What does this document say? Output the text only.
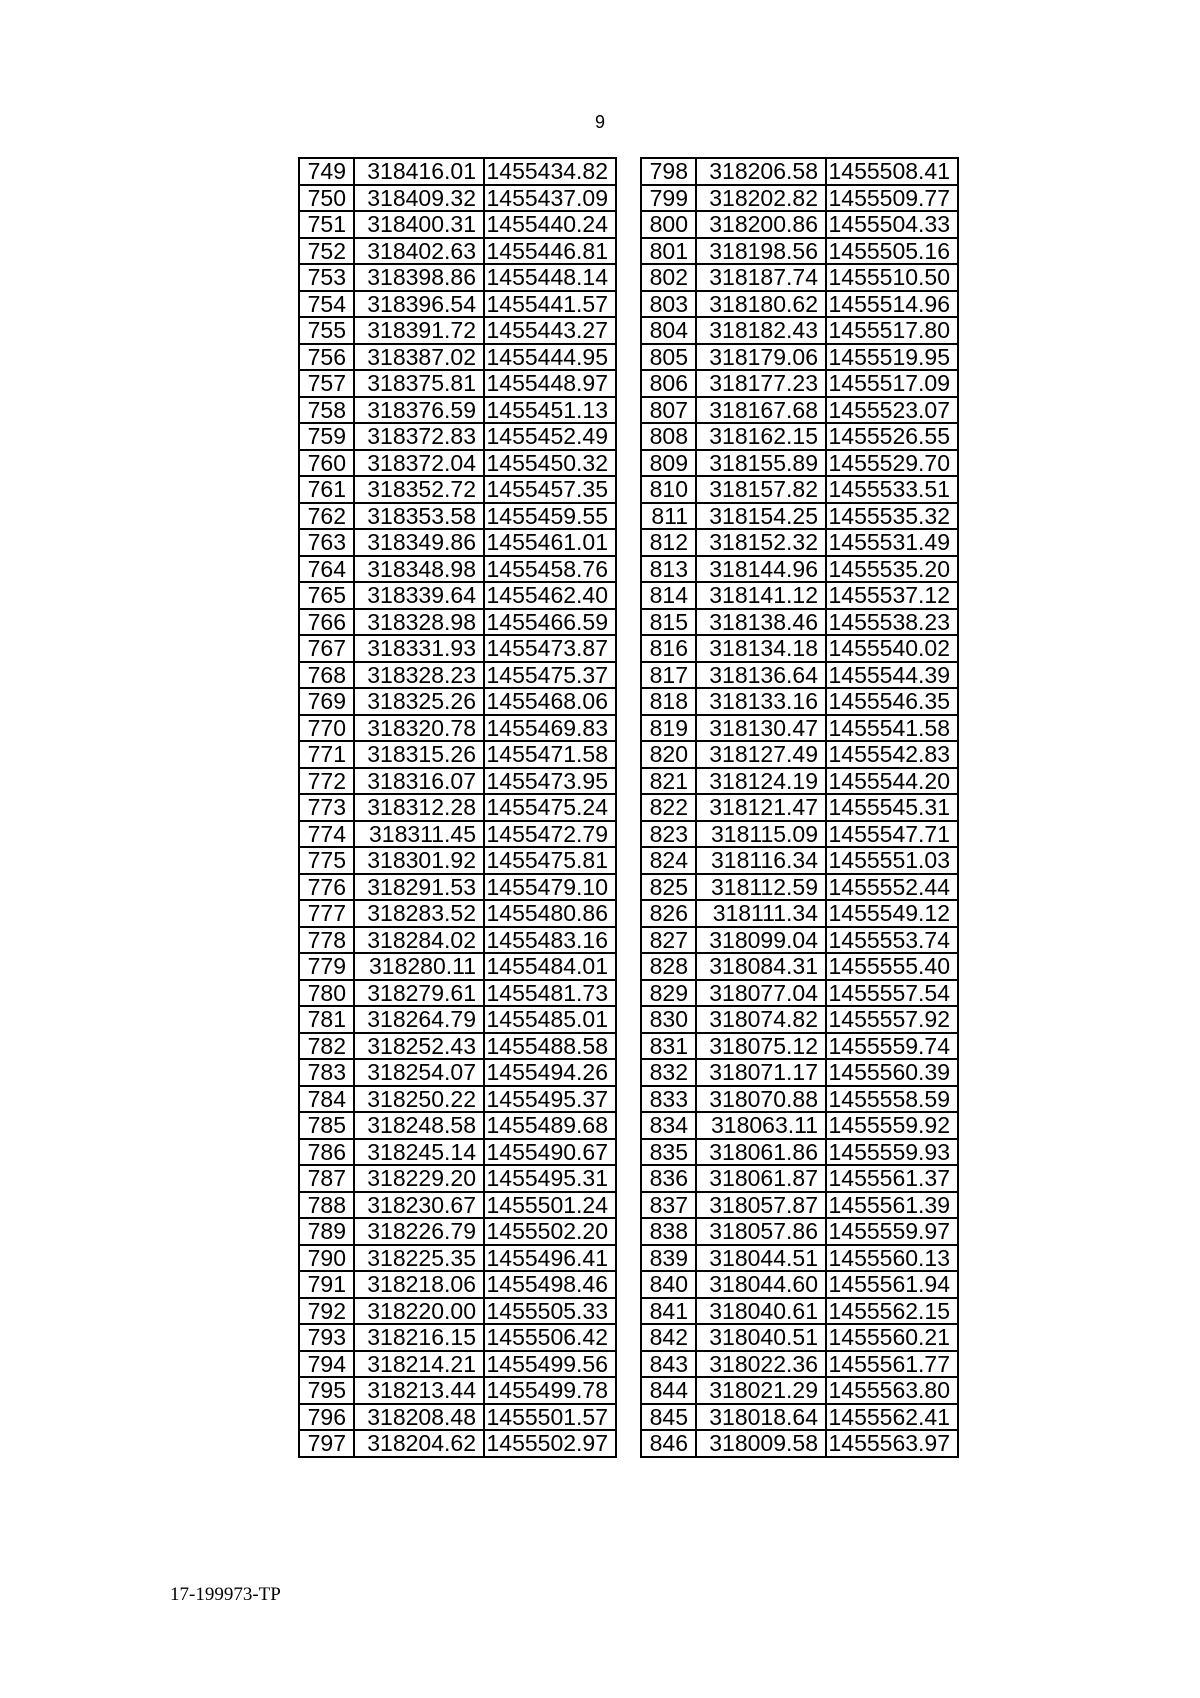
9
749	318416.01	1455434.82
750	318409.32	1455437.09
751	318400.31	1455440.24
752	318402.63	1455446.81
753	318398.86	1455448.14
754	318396.54	1455441.57
755	318391.72	1455443.27
756	318387.02	1455444.95
757	318375.81	1455448.97
758	318376.59	1455451.13
759	318372.83	1455452.49
760	318372.04	1455450.32
761	318352.72	1455457.35
762	318353.58	1455459.55
763	318349.86	1455461.01
764	318348.98	1455458.76
765	318339.64	1455462.40
766	318328.98	1455466.59
767	318331.93	1455473.87
768	318328.23	1455475.37
769	318325.26	1455468.06
770	318320.78	1455469.83
771	318315.26	1455471.58
772	318316.07	1455473.95
773	318312.28	1455475.24
774	318311.45	1455472.79
775	318301.92	1455475.81
776	318291.53	1455479.10
777	318283.52	1455480.86
778	318284.02	1455483.16
779	318280.11	1455484.01
780	318279.61	1455481.73
781	318264.79	1455485.01
782	318252.43	1455488.58
783	318254.07	1455494.26
784	318250.22	1455495.37
785	318248.58	1455489.68
786	318245.14	1455490.67
787	318229.20	1455495.31
788	318230.67	1455501.24
789	318226.79	1455502.20
790	318225.35	1455496.41
791	318218.06	1455498.46
792	318220.00	1455505.33
793	318216.15	1455506.42
794	318214.21	1455499.56
795	318213.44	1455499.78
796	318208.48	1455501.57
797	318204.62	1455502.97
798	318206.58	1455508.41
799	318202.82	1455509.77
800	318200.86	1455504.33
801	318198.56	1455505.16
802	318187.74	1455510.50
803	318180.62	1455514.96
804	318182.43	1455517.80
805	318179.06	1455519.95
806	318177.23	1455517.09
807	318167.68	1455523.07
808	318162.15	1455526.55
809	318155.89	1455529.70
810	318157.82	1455533.51
811	318154.25	1455535.32
812	318152.32	1455531.49
813	318144.96	1455535.20
814	318141.12	1455537.12
815	318138.46	1455538.23
816	318134.18	1455540.02
817	318136.64	1455544.39
818	318133.16	1455546.35
819	318130.47	1455541.58
820	318127.49	1455542.83
821	318124.19	1455544.20
822	318121.47	1455545.31
823	318115.09	1455547.71
824	318116.34	1455551.03
825	318112.59	1455552.44
826	318111.34	1455549.12
827	318099.04	1455553.74
828	318084.31	1455555.40
829	318077.04	1455557.54
830	318074.82	1455557.92
831	318075.12	1455559.74
832	318071.17	1455560.39
833	318070.88	1455558.59
834	318063.11	1455559.92
835	318061.86	1455559.93
836	318061.87	1455561.37
837	318057.87	1455561.39
838	318057.86	1455559.97
839	318044.51	1455560.13
840	318044.60	1455561.94
841	318040.61	1455562.15
842	318040.51	1455560.21
843	318022.36	1455561.77
844	318021.29	1455563.80
845	318018.64	1455562.41
846	318009.58	1455563.97
17-199973-TP
